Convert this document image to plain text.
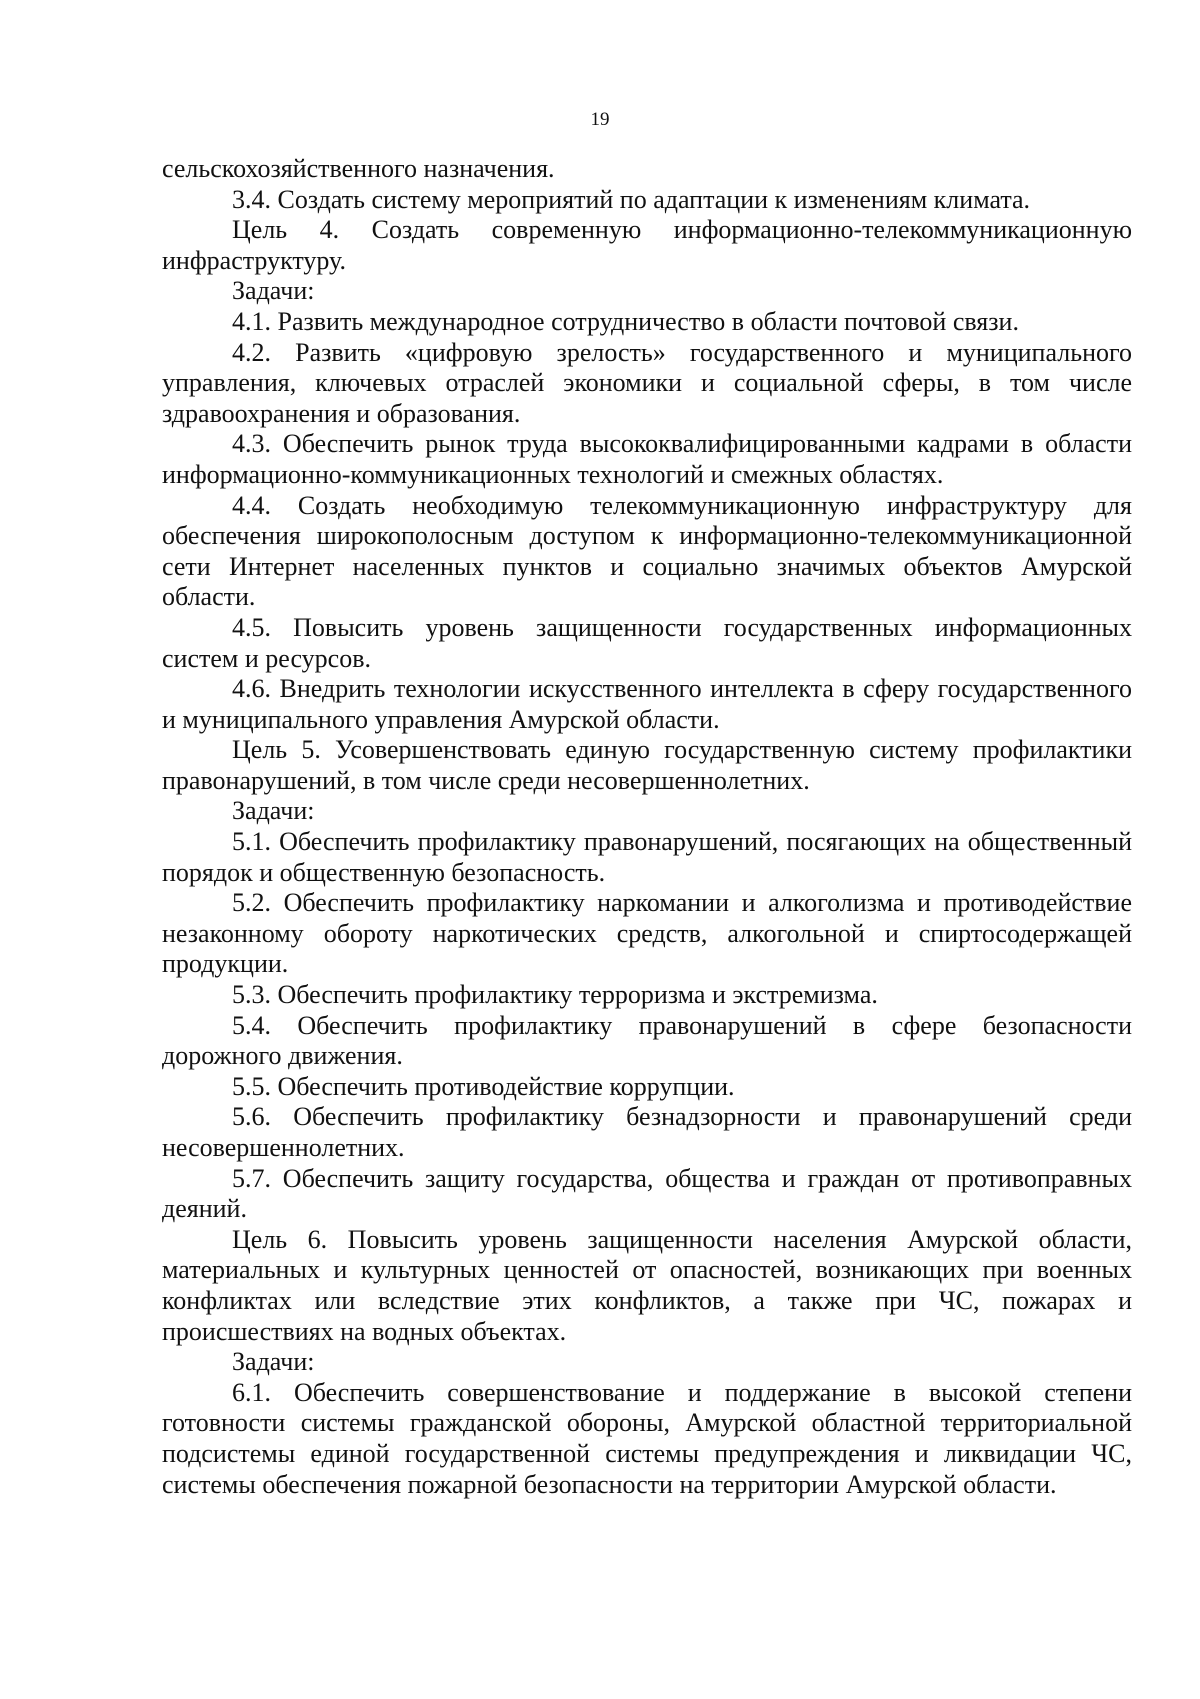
19

сельскохозяйственного назначения.

3.4. Создать систему мероприятий по адаптации к изменениям климата.

Цель 4. Создать современную информационно-телекоммуникационную инфраструктуру.

Задачи:

4.1. Развить международное сотрудничество в области почтовой связи.

4.2. Развить «цифровую зрелость» государственного и муниципального управления, ключевых отраслей экономики и социальной сферы, в том числе здравоохранения и образования.

4.3. Обеспечить рынок труда высококвалифицированными кадрами в области информационно-коммуникационных технологий и смежных областях.

4.4. Создать необходимую телекоммуникационную инфраструктуру для обеспечения широкополосным доступом к информационно-телекоммуникационной сети Интернет населенных пунктов и социально значимых объектов Амурской области.

4.5. Повысить уровень защищенности государственных информационных систем и ресурсов.

4.6. Внедрить технологии искусственного интеллекта в сферу государственного и муниципального управления Амурской области.

Цель 5. Усовершенствовать единую государственную систему профилактики правонарушений, в том числе среди несовершеннолетних.

Задачи:

5.1. Обеспечить профилактику правонарушений, посягающих на общественный порядок и общественную безопасность.

5.2. Обеспечить профилактику наркомании и алкоголизма и противодействие незаконному обороту наркотических средств, алкогольной и спиртосодержащей продукции.

5.3. Обеспечить профилактику терроризма и экстремизма.

5.4. Обеспечить профилактику правонарушений в сфере безопасности дорожного движения.

5.5. Обеспечить противодействие коррупции.

5.6. Обеспечить профилактику безнадзорности и правонарушений среди несовершеннолетних.

5.7. Обеспечить защиту государства, общества и граждан от противоправных деяний.

Цель 6. Повысить уровень защищенности населения Амурской области, материальных и культурных ценностей от опасностей, возникающих при военных конфликтах или вследствие этих конфликтов, а также при ЧС, пожарах и происшествиях на водных объектах.

Задачи:

6.1. Обеспечить совершенствование и поддержание в высокой степени готовности системы гражданской обороны, Амурской областной территориальной подсистемы единой государственной системы предупреждения и ликвидации ЧС, системы обеспечения пожарной безопасности на территории Амурской области.
